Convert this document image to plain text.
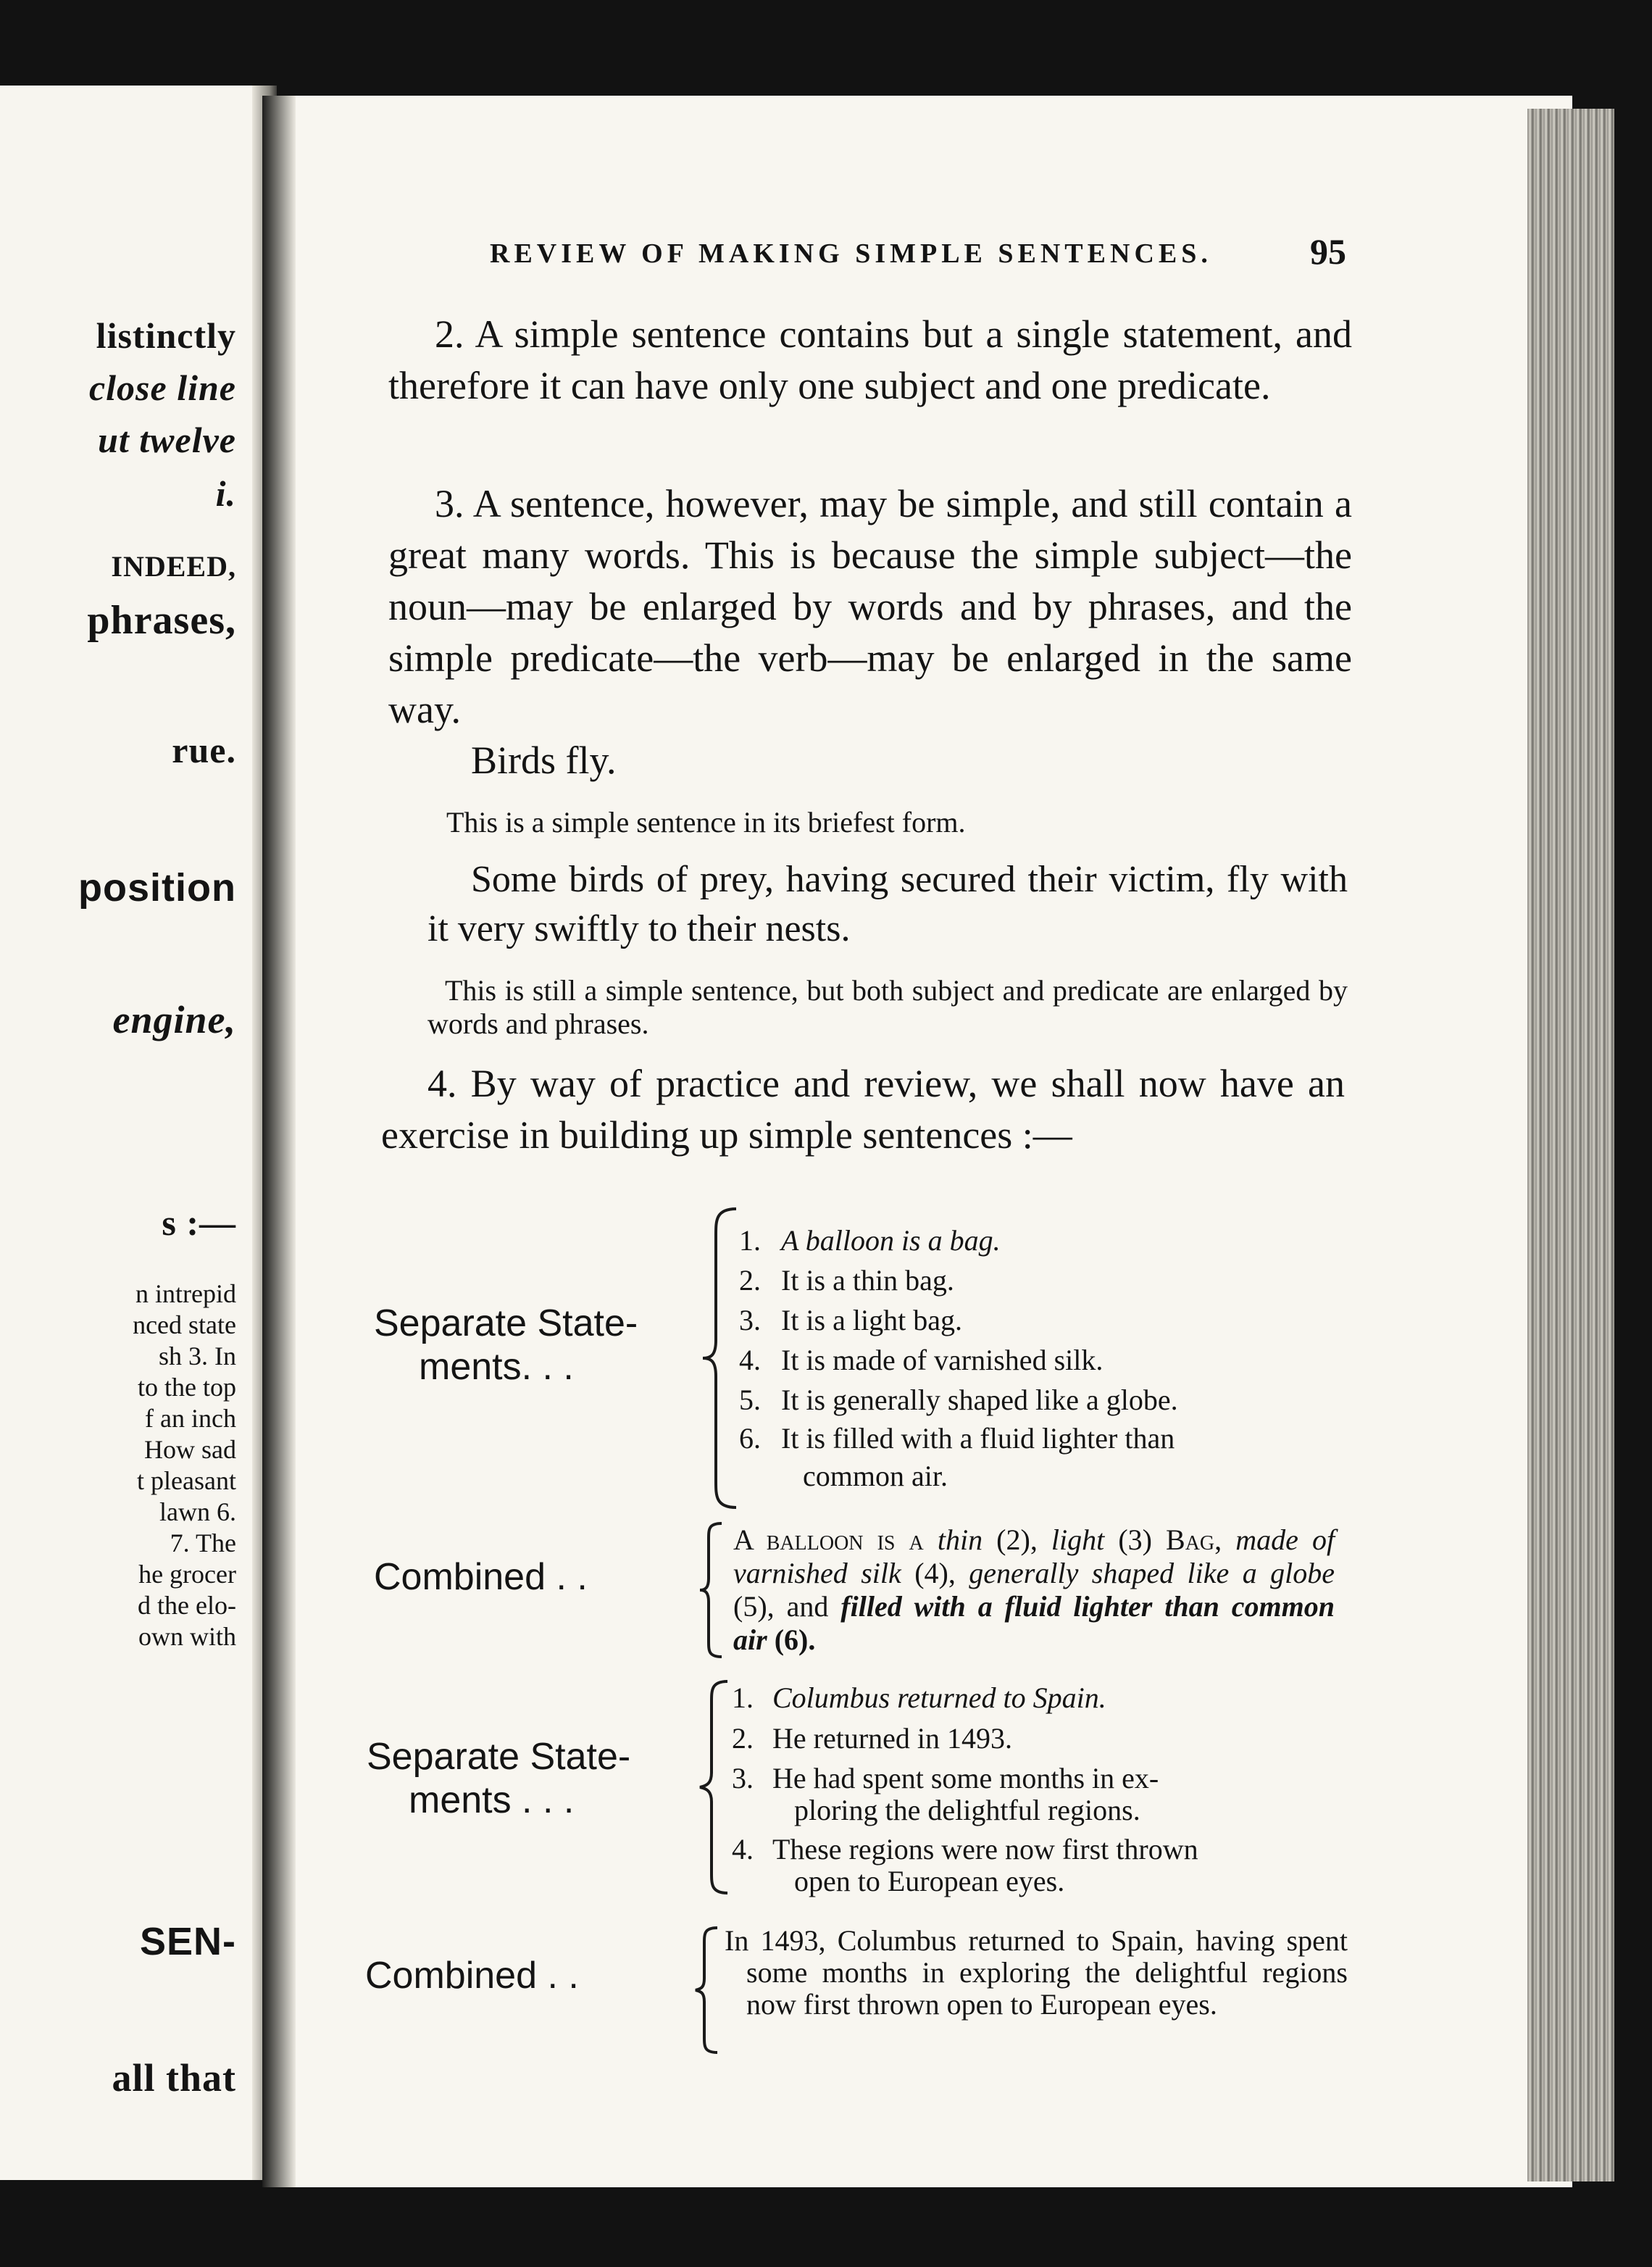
listinctly
close line
ut twelve
i.
INDEED,
phrases,
rue.
position
engine,
s :—
n intrepid
nced state
sh 3. In
to the top
f an inch
How sad
t pleasant
lawn 6.
7. The
he grocer
d the elo-
own with
SEN-
all that
REVIEW OF MAKING SIMPLE SENTENCES.	95
2. A simple sentence contains but a single statement, and therefore it can have only one subject and one predicate.
3. A sentence, however, may be simple, and still contain a great many words. This is because the simple subject—the noun—may be enlarged by words and by phrases, and the simple predicate—the verb—may be enlarged in the same way.
Birds fly.
This is a simple sentence in its briefest form.
Some birds of prey, having secured their victim, fly with it very swiftly to their nests.
This is still a simple sentence, but both subject and predicate are enlarged by words and phrases.
4. By way of practice and review, we shall now have an exercise in building up simple sentences :—
Separate State-
ments. . .
1. A balloon is a bag.
2. It is a thin bag.
3. It is a light bag.
4. It is made of varnished silk.
5. It is generally shaped like a globe.
6. It is filled with a fluid lighter than
common air.
Combined . .
A balloon is a thin (2), light (3) Bag, made of varnished silk (4), generally shaped like a globe (5), and filled with a fluid lighter than common air (6).
Separate State-
ments . . .
1. Columbus returned to Spain.
2. He returned in 1493.
3. He had spent some months in ex-
ploring the delightful regions.
4. These regions were now first thrown
open to European eyes.
Combined . .
In 1493, Columbus returned to Spain, having spent some months in exploring the delightful regions now first thrown open to European eyes.
